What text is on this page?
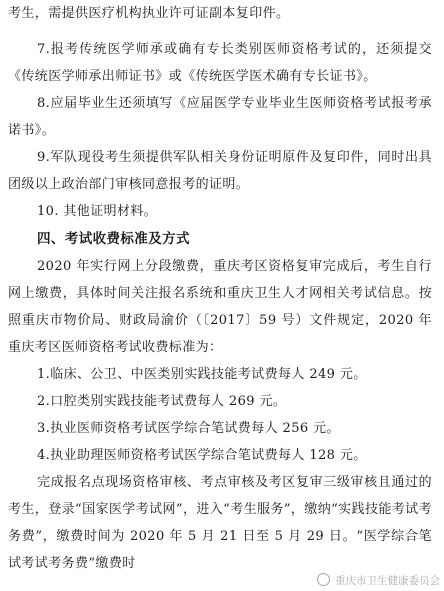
考生，需提供医疗机构执业许可证副本复印件。
7.报考传统医学师承或确有专长类别医师资格考试的，还须提交《传统医学师承出师证书》或《传统医学医术确有专长证书》。
8.应届毕业生还须填写《应届医学专业毕业生医师资格考试报考承诺书》。
9.军队现役考生须提供军队相关身份证明原件及复印件，同时出具团级以上政治部门审核同意报考的证明。
10. 其他证明材料。
四、考试收费标准及方式
2020 年实行网上分段缴费，重庆考区资格复审完成后，考生自行网上缴费，具体时间关注报名系统和重庆卫生人才网相关考试信息。按照重庆市物价局、财政局渝价（〔2017〕59 号）文件规定，2020 年重庆考区医师资格考试收费标准为：
1.临床、公卫、中医类别实践技能考试费每人 249 元。
2.口腔类别实践技能考试费每人 269 元。
3.执业医师资格考试医学综合笔试费每人 256 元。
4.执业助理医师资格考试医学综合笔试费每人 128 元。
完成报名点现场资格审核、考点审核及考区复审三级审核且通过的考生，登录“国家医学考试网”，进入“考生服务”，缴纳“实践技能考试考务费”，缴费时间为 2020 年 5 月 21 日至 5 月 29 日。“医学综合笔试考试考务费”缴费时
重庆市卫生健康委员会
